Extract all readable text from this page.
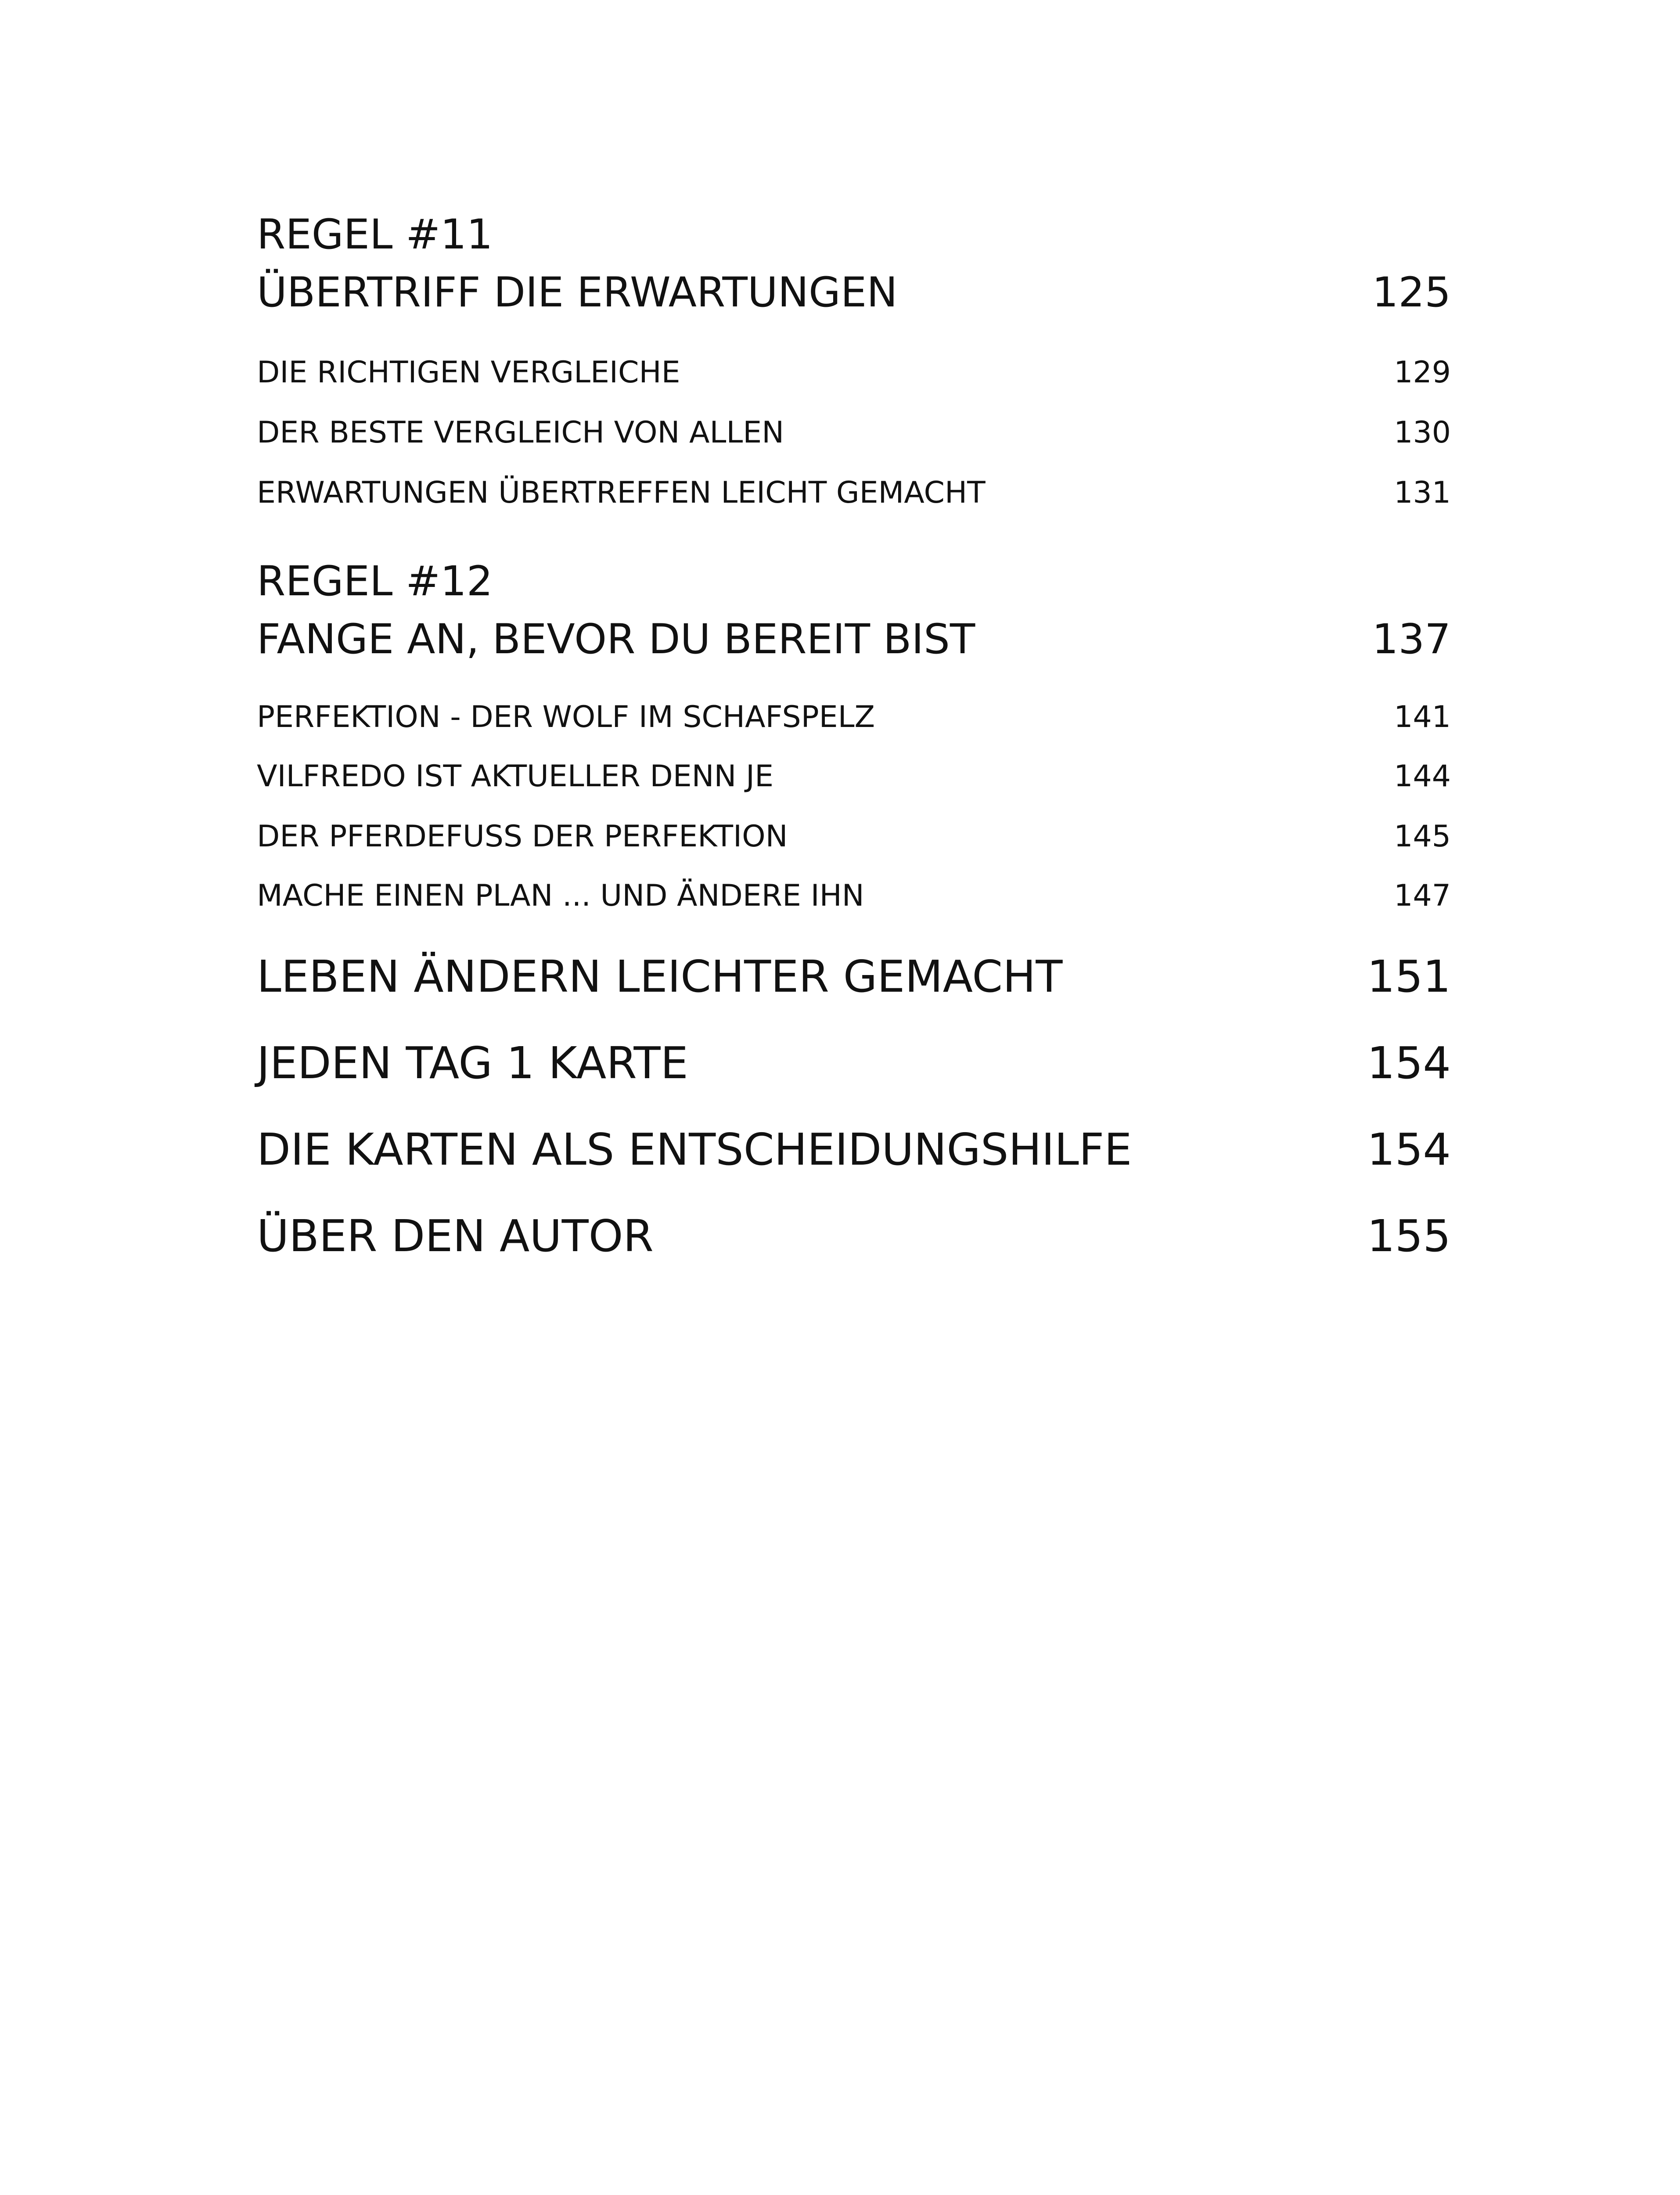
REGEL #11
ÜBERTRIFF DIE ERWARTUNGEN	125
DIE RICHTIGEN VERGLEICHE	129
DER BESTE VERGLEICH VON ALLEN	130
ERWARTUNGEN ÜBERTREFFEN LEICHT GEMACHT	131
REGEL #12
FANGE AN, BEVOR DU BEREIT BIST	137
PERFEKTION - DER WOLF IM SCHAFSPELZ	141
VILFREDO IST AKTUELLER DENN JE	144
DER PFERDEFUSS DER PERFEKTION	145
MACHE EINEN PLAN ... UND ÄNDERE IHN	147
LEBEN ÄNDERN LEICHTER GEMACHT	151
JEDEN TAG 1 KARTE	154
DIE KARTEN ALS ENTSCHEIDUNGSHILFE	154
ÜBER DEN AUTOR	155
